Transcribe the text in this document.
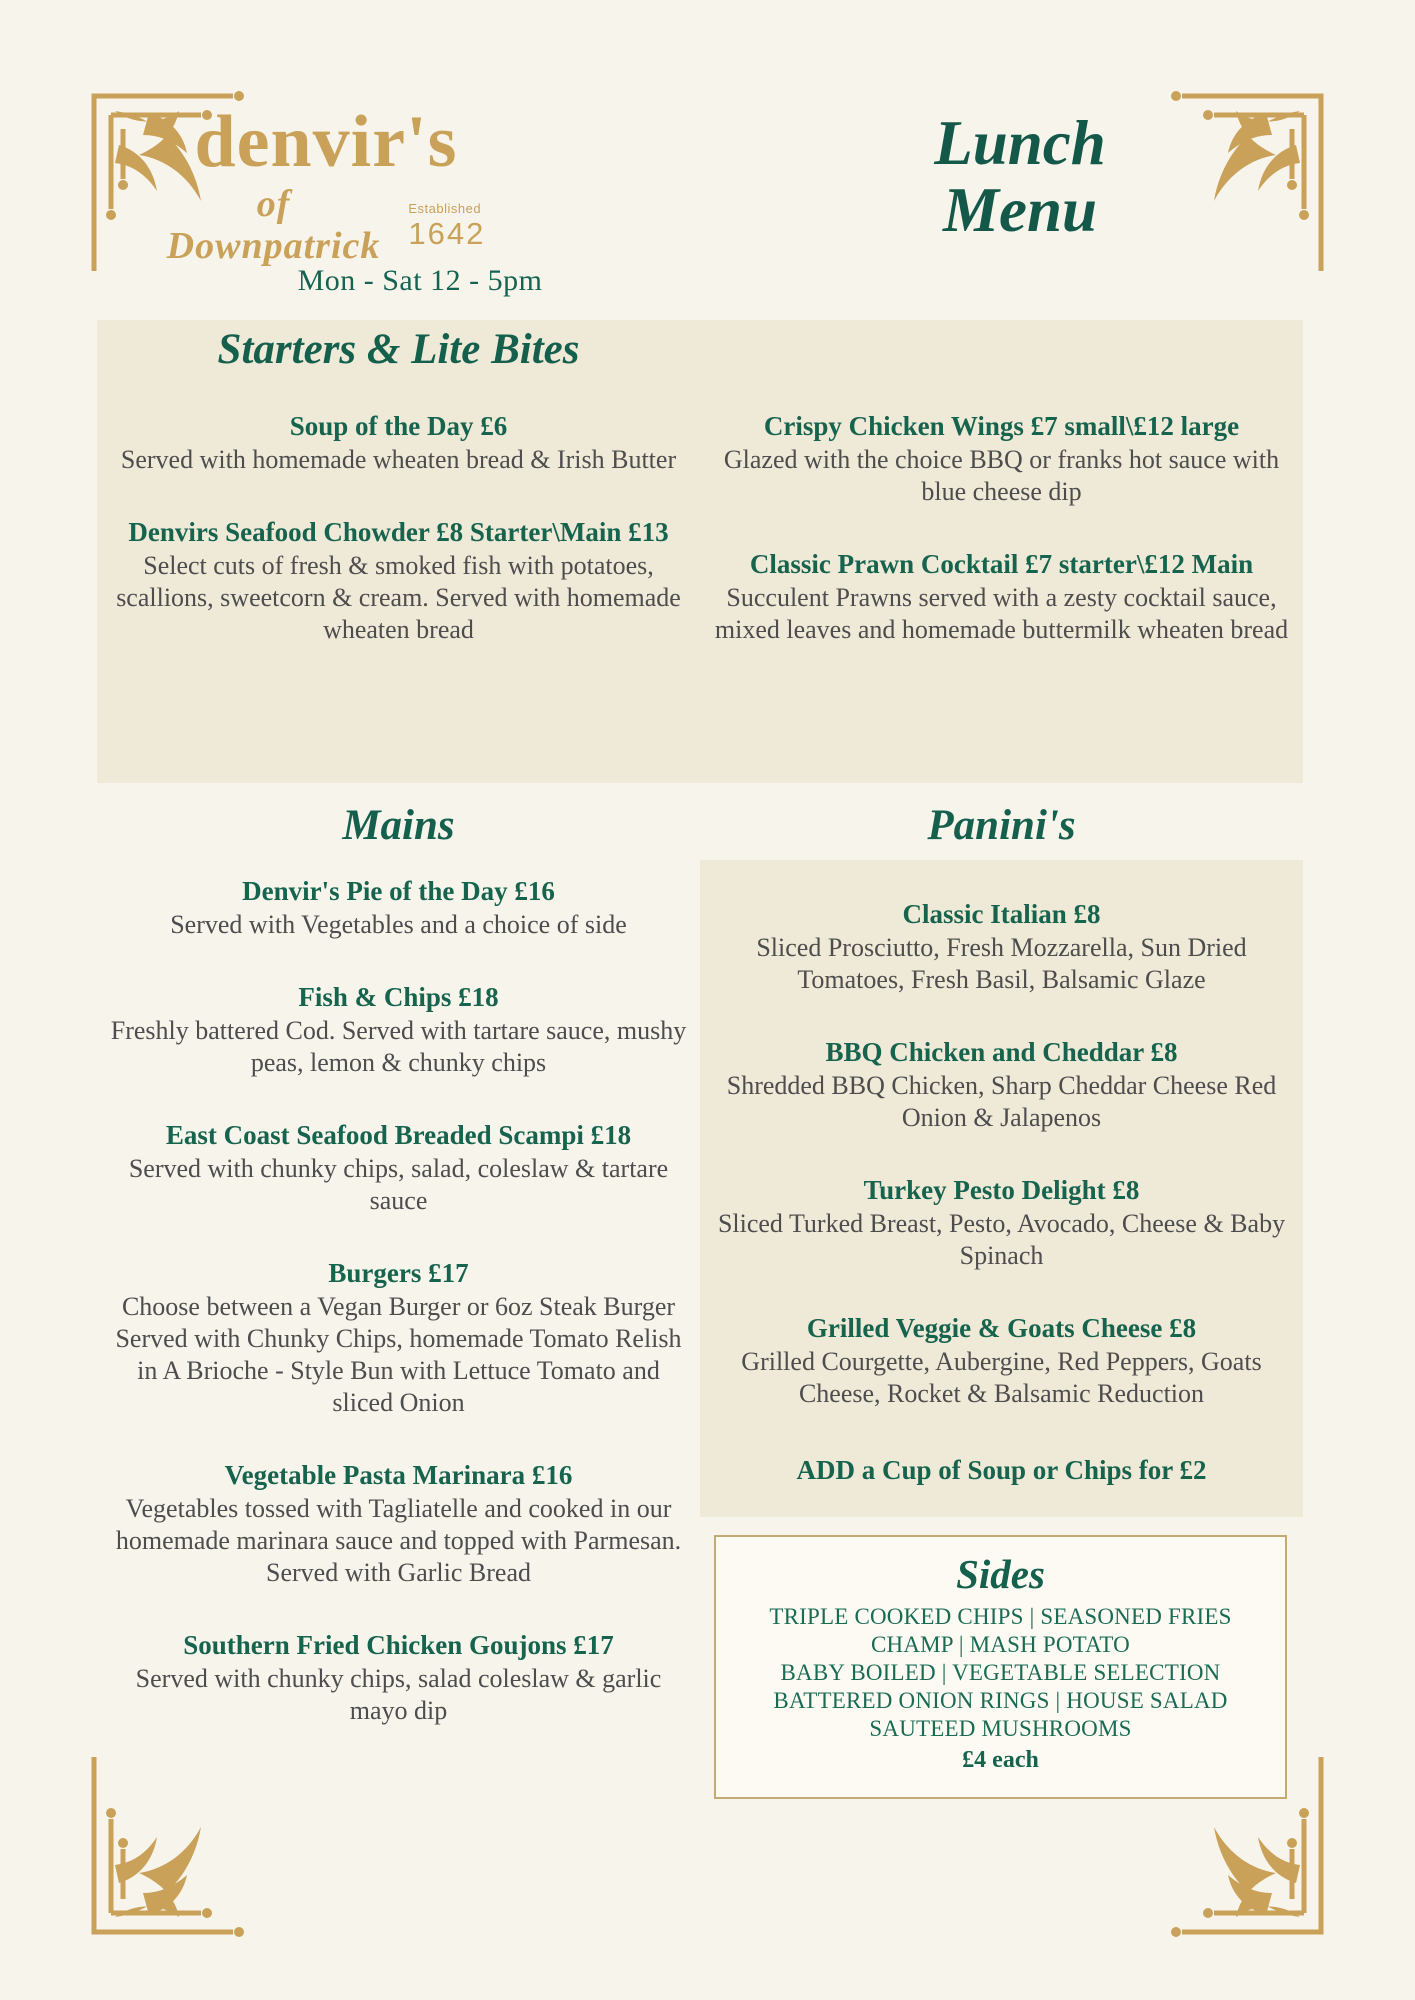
denvir's
of Downpatrick
Established
1642
Lunch
Menu
Mon - Sat 12 - 5pm
Starters & Lite Bites
Soup of the Day £6
Served with homemade wheaten bread & Irish Butter
Denvirs Seafood Chowder £8 Starter\Main £13
Select cuts of fresh & smoked fish with potatoes, scallions, sweetcorn & cream. Served with homemade wheaten bread
Crispy Chicken Wings £7 small\£12 large
Glazed with the choice BBQ or franks hot sauce with blue cheese dip
Classic Prawn Cocktail £7 starter\£12 Main
Succulent Prawns served with a zesty cocktail sauce, mixed leaves and homemade buttermilk wheaten bread
Mains
Denvir's Pie of the Day £16
Served with Vegetables and a choice of side
Fish & Chips £18
Freshly battered Cod. Served with tartare sauce, mushy peas, lemon & chunky chips
East Coast Seafood Breaded Scampi £18
Served with chunky chips, salad, coleslaw & tartare sauce
Burgers £17
Choose between a Vegan Burger or 6oz Steak Burger Served with Chunky Chips, homemade Tomato Relish in A Brioche - Style Bun with Lettuce Tomato and sliced Onion
Vegetable Pasta Marinara £16
Vegetables tossed with Tagliatelle and cooked in our homemade marinara sauce and topped with Parmesan. Served with Garlic Bread
Southern Fried Chicken Goujons £17
Served with chunky chips, salad coleslaw & garlic mayo dip
Panini's
Classic Italian £8
Sliced Prosciutto, Fresh Mozzarella, Sun Dried Tomatoes, Fresh Basil, Balsamic Glaze
BBQ Chicken and Cheddar £8
Shredded BBQ Chicken, Sharp Cheddar Cheese Red Onion & Jalapenos
Turkey Pesto Delight £8
Sliced Turked Breast, Pesto, Avocado, Cheese & Baby Spinach
Grilled Veggie & Goats Cheese £8
Grilled Courgette, Aubergine, Red Peppers, Goats Cheese, Rocket & Balsamic Reduction
ADD a Cup of Soup or Chips for £2
Sides
TRIPLE COOKED CHIPS | SEASONED FRIES
CHAMP | MASH POTATO
BABY BOILED | VEGETABLE SELECTION
BATTERED ONION RINGS | HOUSE SALAD
SAUTEED MUSHROOMS
£4 each
